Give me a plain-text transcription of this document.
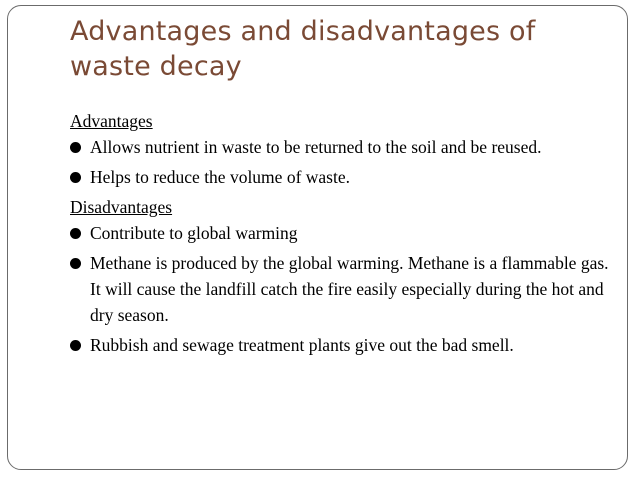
Advantages and disadvantages of waste decay

Advantages

Allows nutrient in waste to be returned to the soil and be reused.
Helps to reduce the volume of waste.

Disadvantages

Contribute to global warming
Methane is produced by the global warming. Methane is a flammable gas. It will cause the landfill catch the fire easily especially during the hot and dry season.
Rubbish and sewage treatment plants give out the bad smell.
